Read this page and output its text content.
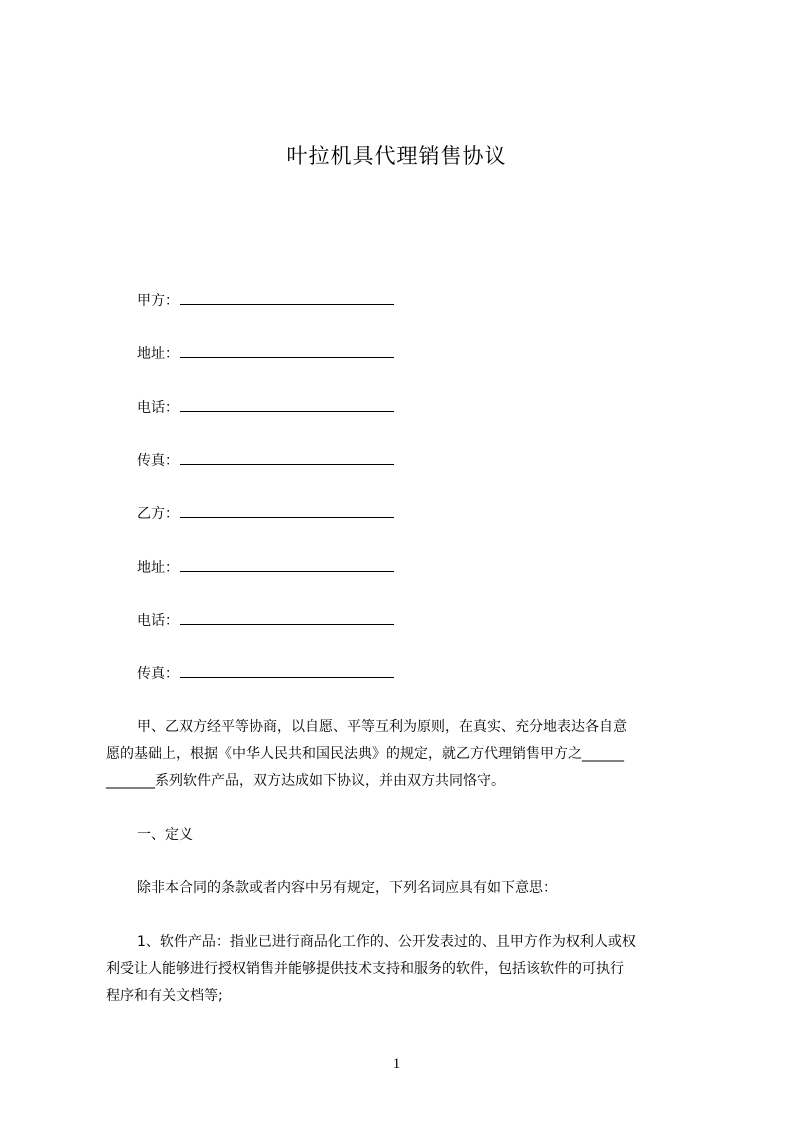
叶拉机具代理销售协议
甲方：
地址：
电话：
传真：
乙方：
地址：
电话：
传真：
甲、乙双方经平等协商，以自愿、平等互利为原则，在真实、充分地表达各自意
愿的基础上，根据《中华人民共和国民法典》的规定，就乙方代理销售甲方之______
_______系列软件产品，双方达成如下协议，并由双方共同恪守。
一、定义
除非本合同的条款或者内容中另有规定，下列名词应具有如下意思：
1、软件产品：指业已进行商品化工作的、公开发表过的、且甲方作为权利人或权
利受让人能够进行授权销售并能够提供技术支持和服务的软件，包括该软件的可执行
程序和有关文档等;
1
